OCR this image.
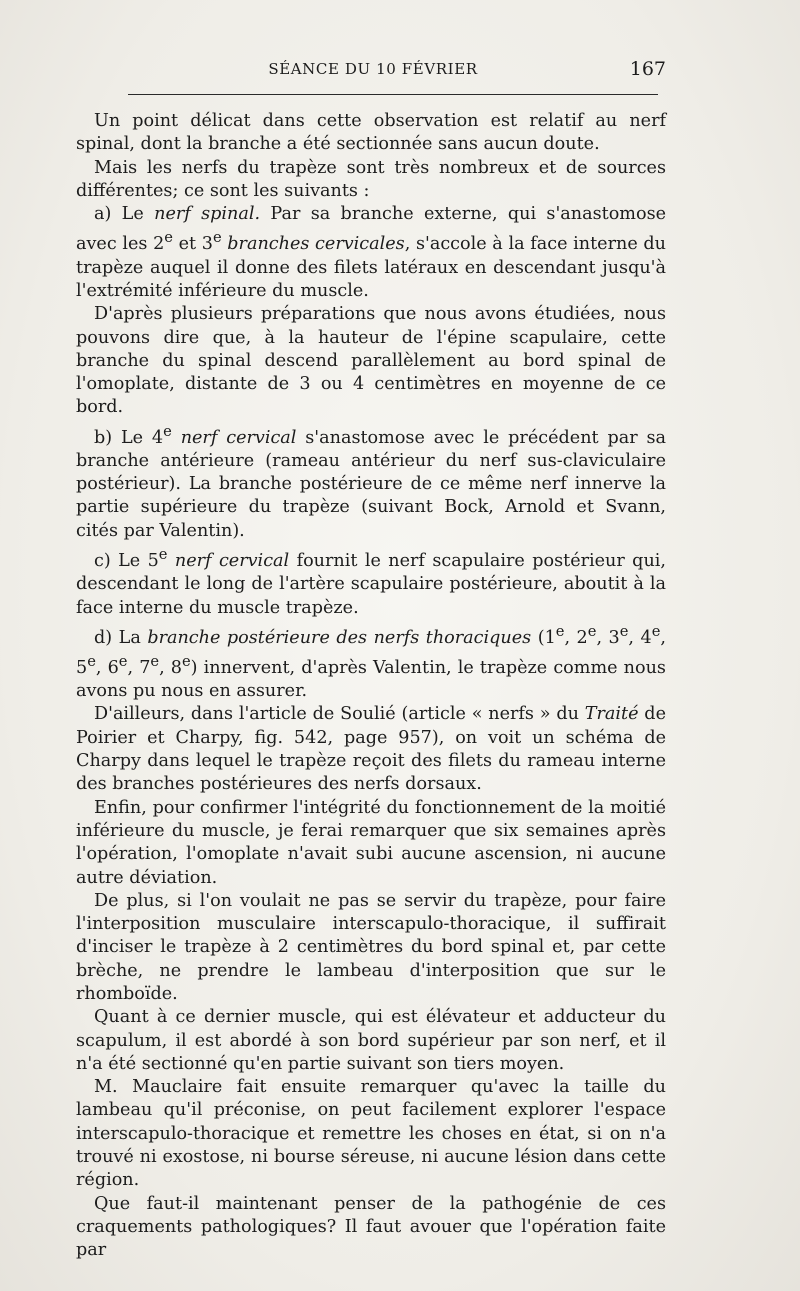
SÉANCE DU 10 FÉVRIER	167

Un point délicat dans cette observation est relatif au nerf spinal, dont la branche a été sectionnée sans aucun doute.

Mais les nerfs du trapèze sont très nombreux et de sources différentes; ce sont les suivants :

a) Le nerf spinal. Par sa branche externe, qui s'anastomose avec les 2e et 3e branches cervicales, s'accole à la face interne du trapèze auquel il donne des filets latéraux en descendant jusqu'à l'extrémité inférieure du muscle.

D'après plusieurs préparations que nous avons étudiées, nous pouvons dire que, à la hauteur de l'épine scapulaire, cette branche du spinal descend parallèlement au bord spinal de l'omoplate, distante de 3 ou 4 centimètres en moyenne de ce bord.

b) Le 4e nerf cervical s'anastomose avec le précédent par sa branche antérieure (rameau antérieur du nerf sus-claviculaire postérieur). La branche postérieure de ce même nerf innerve la partie supérieure du trapèze (suivant Bock, Arnold et Svann, cités par Valentin).

c) Le 5e nerf cervical fournit le nerf scapulaire postérieur qui, descendant le long de l'artère scapulaire postérieure, aboutit à la face interne du muscle trapèze.

d) La branche postérieure des nerfs thoraciques (1e, 2e, 3e, 4e, 5e, 6e, 7e, 8e) innervent, d'après Valentin, le trapèze comme nous avons pu nous en assurer.

D'ailleurs, dans l'article de Soulié (article « nerfs » du Traité de Poirier et Charpy, fig. 542, page 957), on voit un schéma de Charpy dans lequel le trapèze reçoit des filets du rameau interne des branches postérieures des nerfs dorsaux.

Enfin, pour confirmer l'intégrité du fonctionnement de la moitié inférieure du muscle, je ferai remarquer que six semaines après l'opération, l'omoplate n'avait subi aucune ascension, ni aucune autre déviation.

De plus, si l'on voulait ne pas se servir du trapèze, pour faire l'interposition musculaire interscapulo-thoracique, il suffirait d'inciser le trapèze à 2 centimètres du bord spinal et, par cette brèche, ne prendre le lambeau d'interposition que sur le rhomboïde.

Quant à ce dernier muscle, qui est élévateur et adducteur du scapulum, il est abordé à son bord supérieur par son nerf, et il n'a été sectionné qu'en partie suivant son tiers moyen.

M. Mauclaire fait ensuite remarquer qu'avec la taille du lambeau qu'il préconise, on peut facilement explorer l'espace interscapulo-thoracique et remettre les choses en état, si on n'a trouvé ni exostose, ni bourse séreuse, ni aucune lésion dans cette région.

Que faut-il maintenant penser de la pathogénie de ces craquements pathologiques? Il faut avouer que l'opération faite par
